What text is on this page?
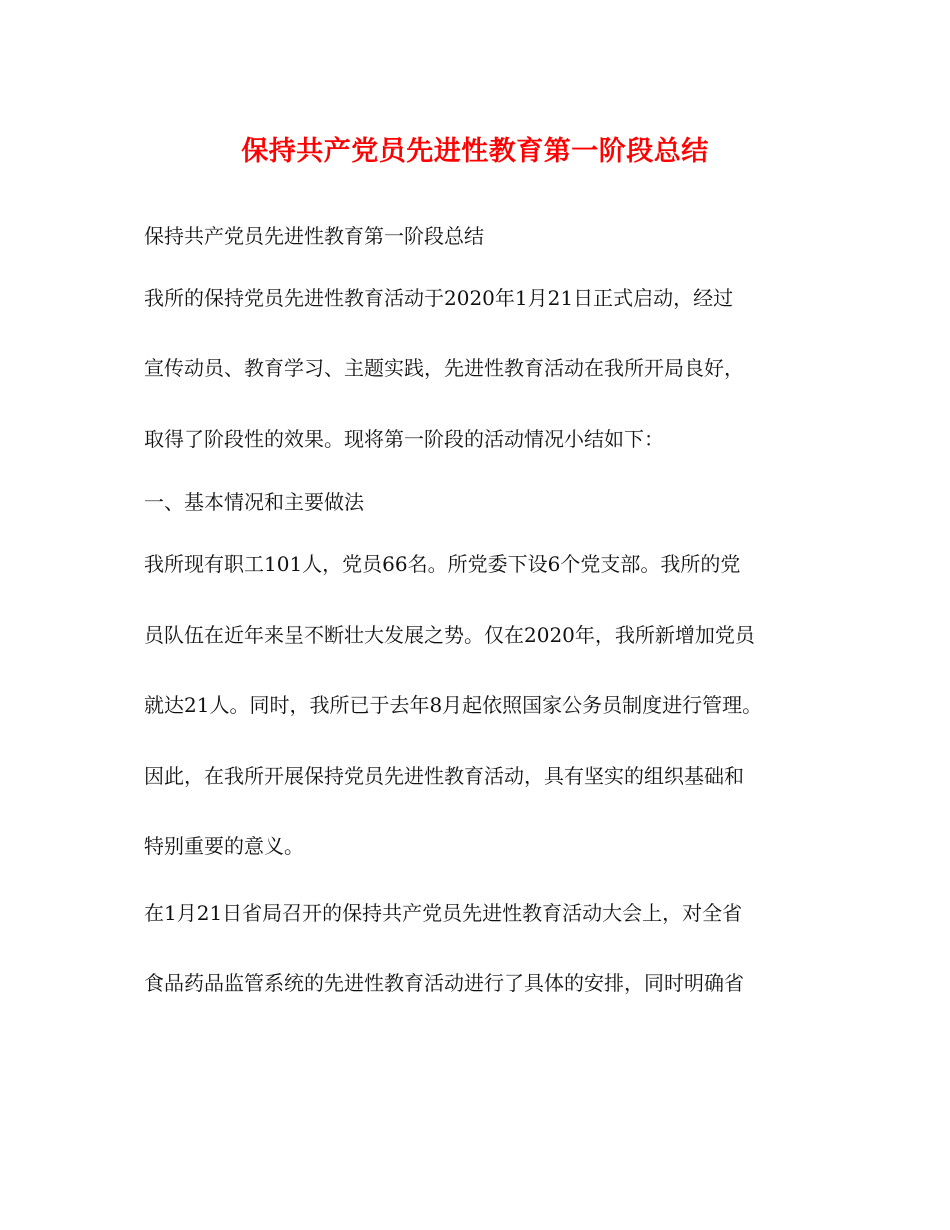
保持共产党员先进性教育第一阶段总结
保持共产党员先进性教育第一阶段总结
我所的保持党员先进性教育活动于2020年1月21日正式启动，经过
宣传动员、教育学习、主题实践，先进性教育活动在我所开局良好，
取得了阶段性的效果。现将第一阶段的活动情况小结如下：
一、基本情况和主要做法
我所现有职工101人，党员66名。所党委下设6个党支部。我所的党
员队伍在近年来呈不断壮大发展之势。仅在2020年，我所新增加党员
就达21人。同时，我所已于去年8月起依照国家公务员制度进行管理。
因此，在我所开展保持党员先进性教育活动，具有坚实的组织基础和
特别重要的意义。
在1月21日省局召开的保持共产党员先进性教育活动大会上，对全省
食品药品监管系统的先进性教育活动进行了具体的安排，同时明确省
